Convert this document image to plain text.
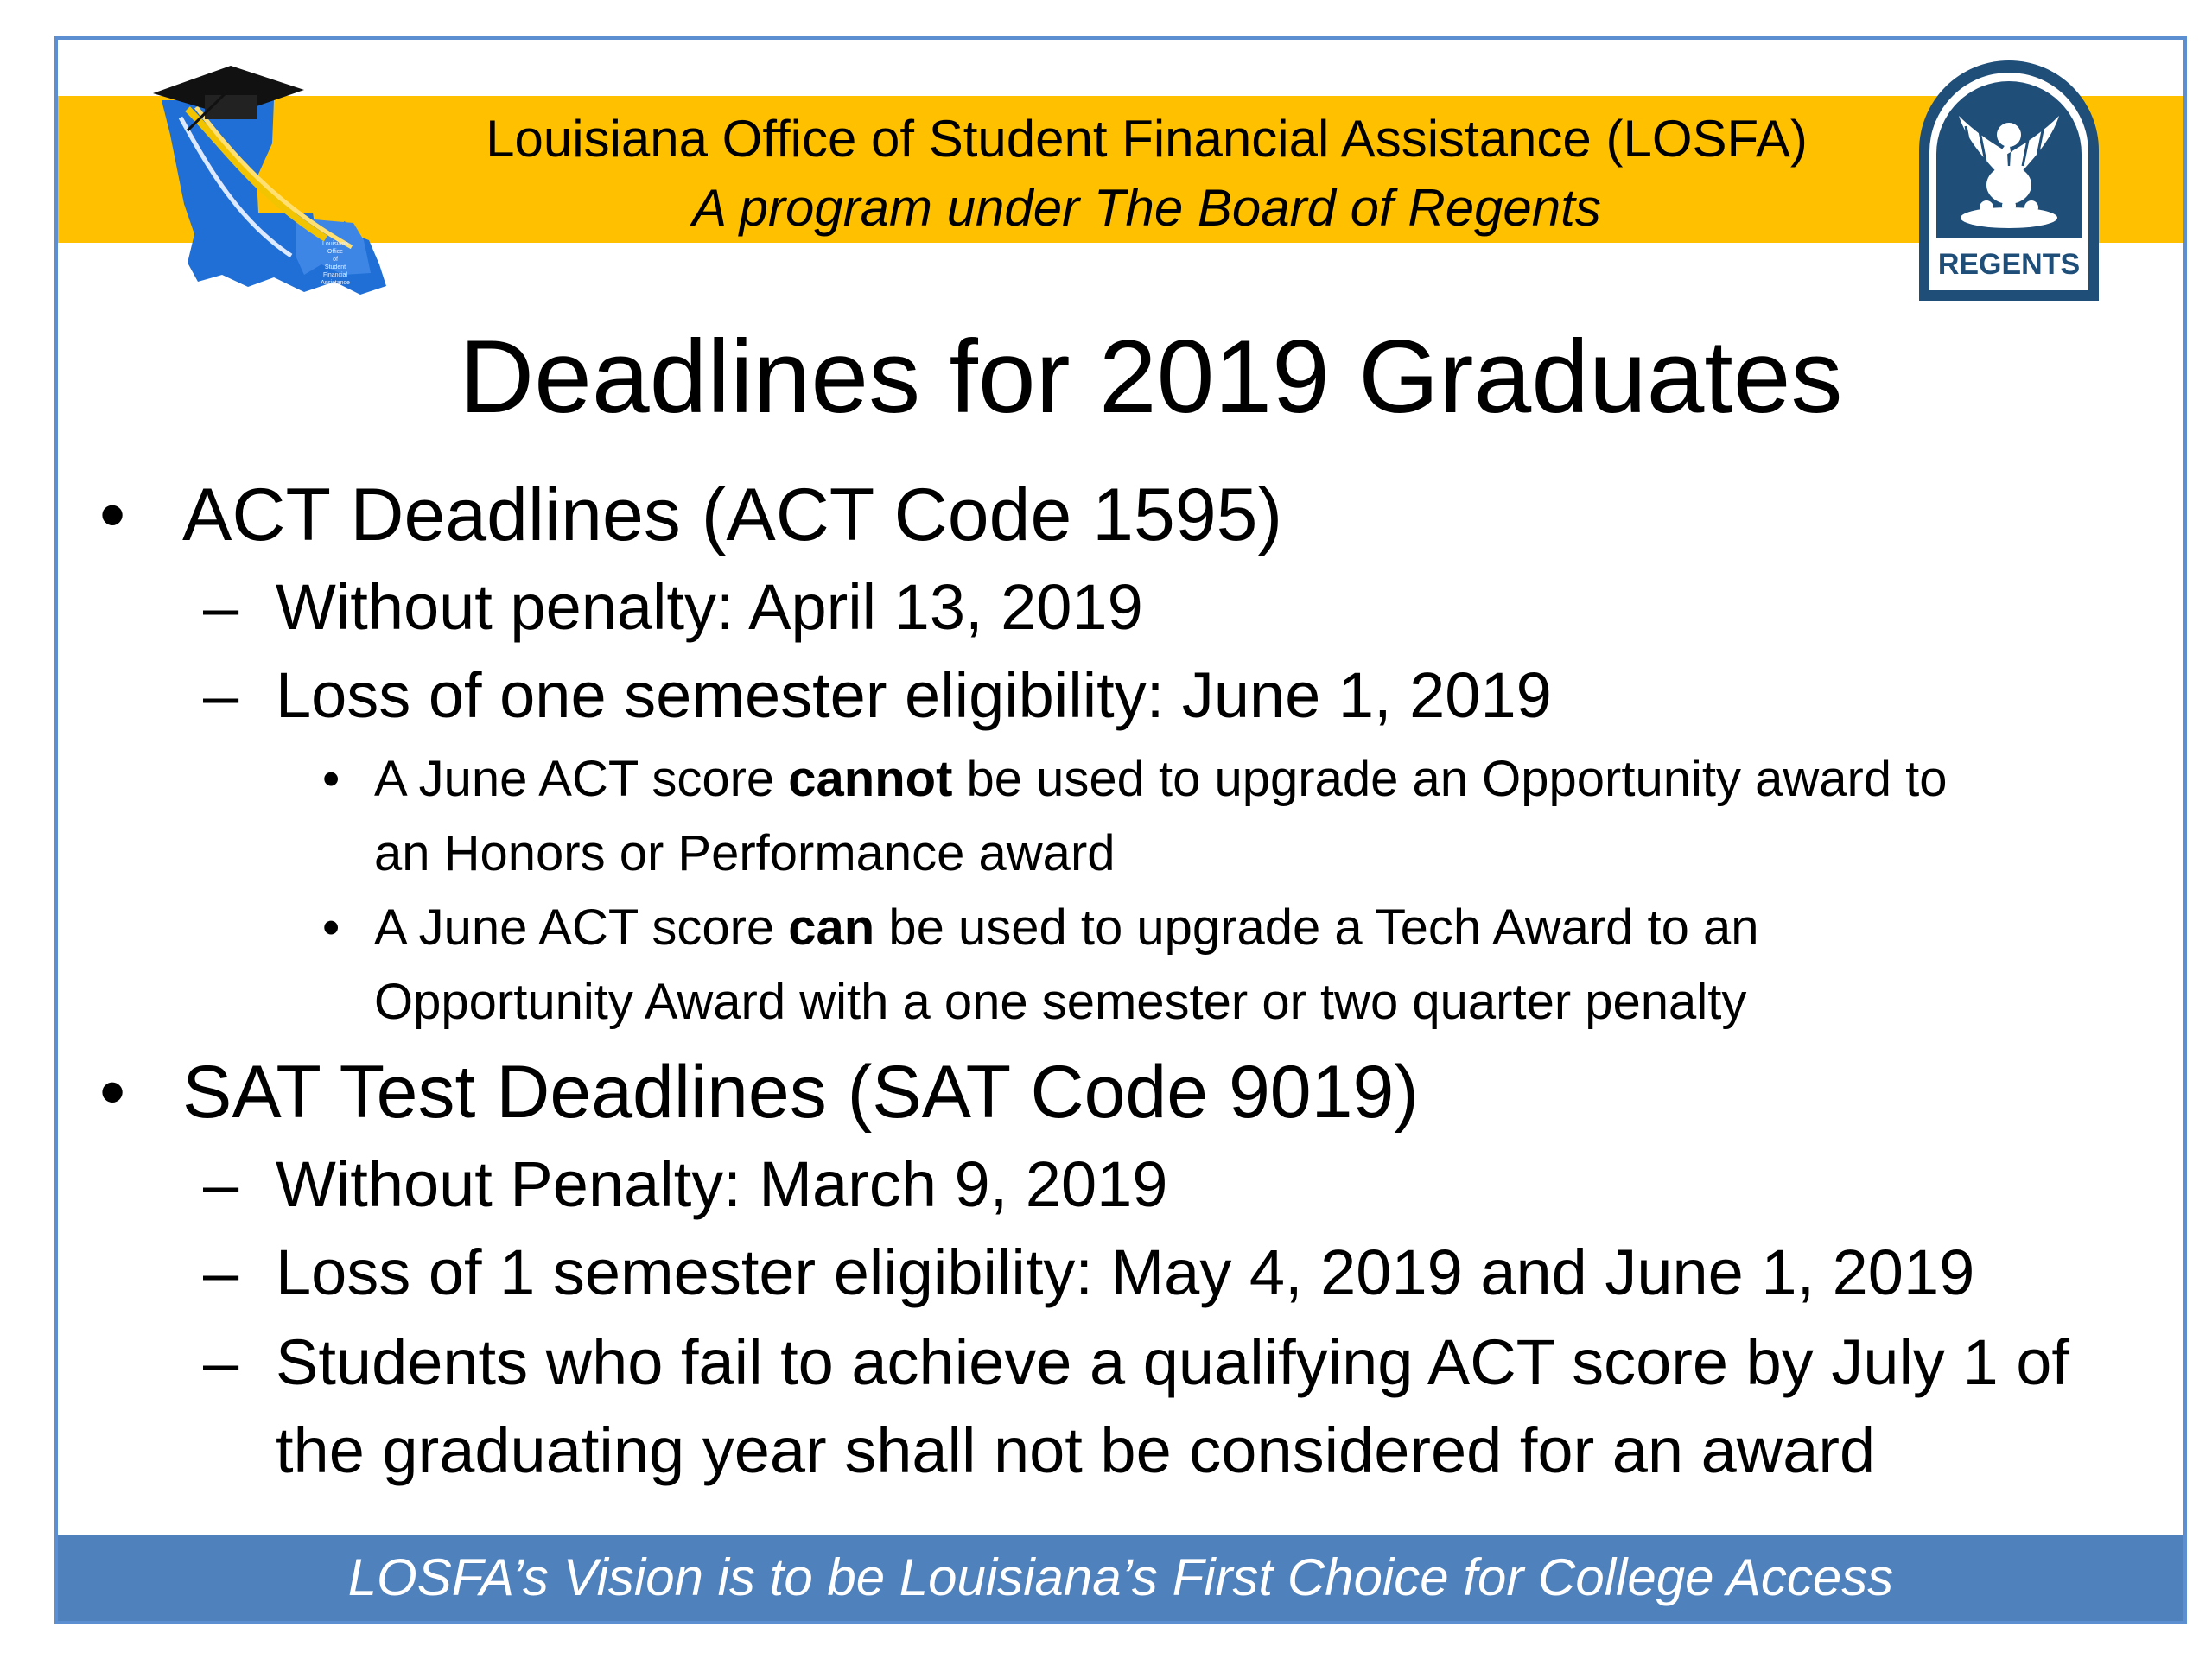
Louisiana
Office
of
Student
Financial
Assistance
Louisiana Office of Student Financial Assistance (LOSFA)
A program under The Board of Regents
REGENTS
Deadlines for 2019 Graduates
• ACT Deadlines (ACT Code 1595)
– Without penalty: April 13, 2019
– Loss of one semester eligibility: June 1, 2019
• A June ACT score cannot be used to upgrade an Opportunity award to
an Honors or Performance award
• A June ACT score can be used to upgrade a Tech Award to an
Opportunity Award with a one semester or two quarter penalty
• SAT Test Deadlines (SAT Code 9019)
– Without Penalty: March 9, 2019
– Loss of 1 semester eligibility: May 4, 2019 and June 1, 2019
– Students who fail to achieve a qualifying ACT score by July 1 of
the graduating year shall not be considered for an award
LOSFA’s Vision is to be Louisiana’s First Choice for College Access
